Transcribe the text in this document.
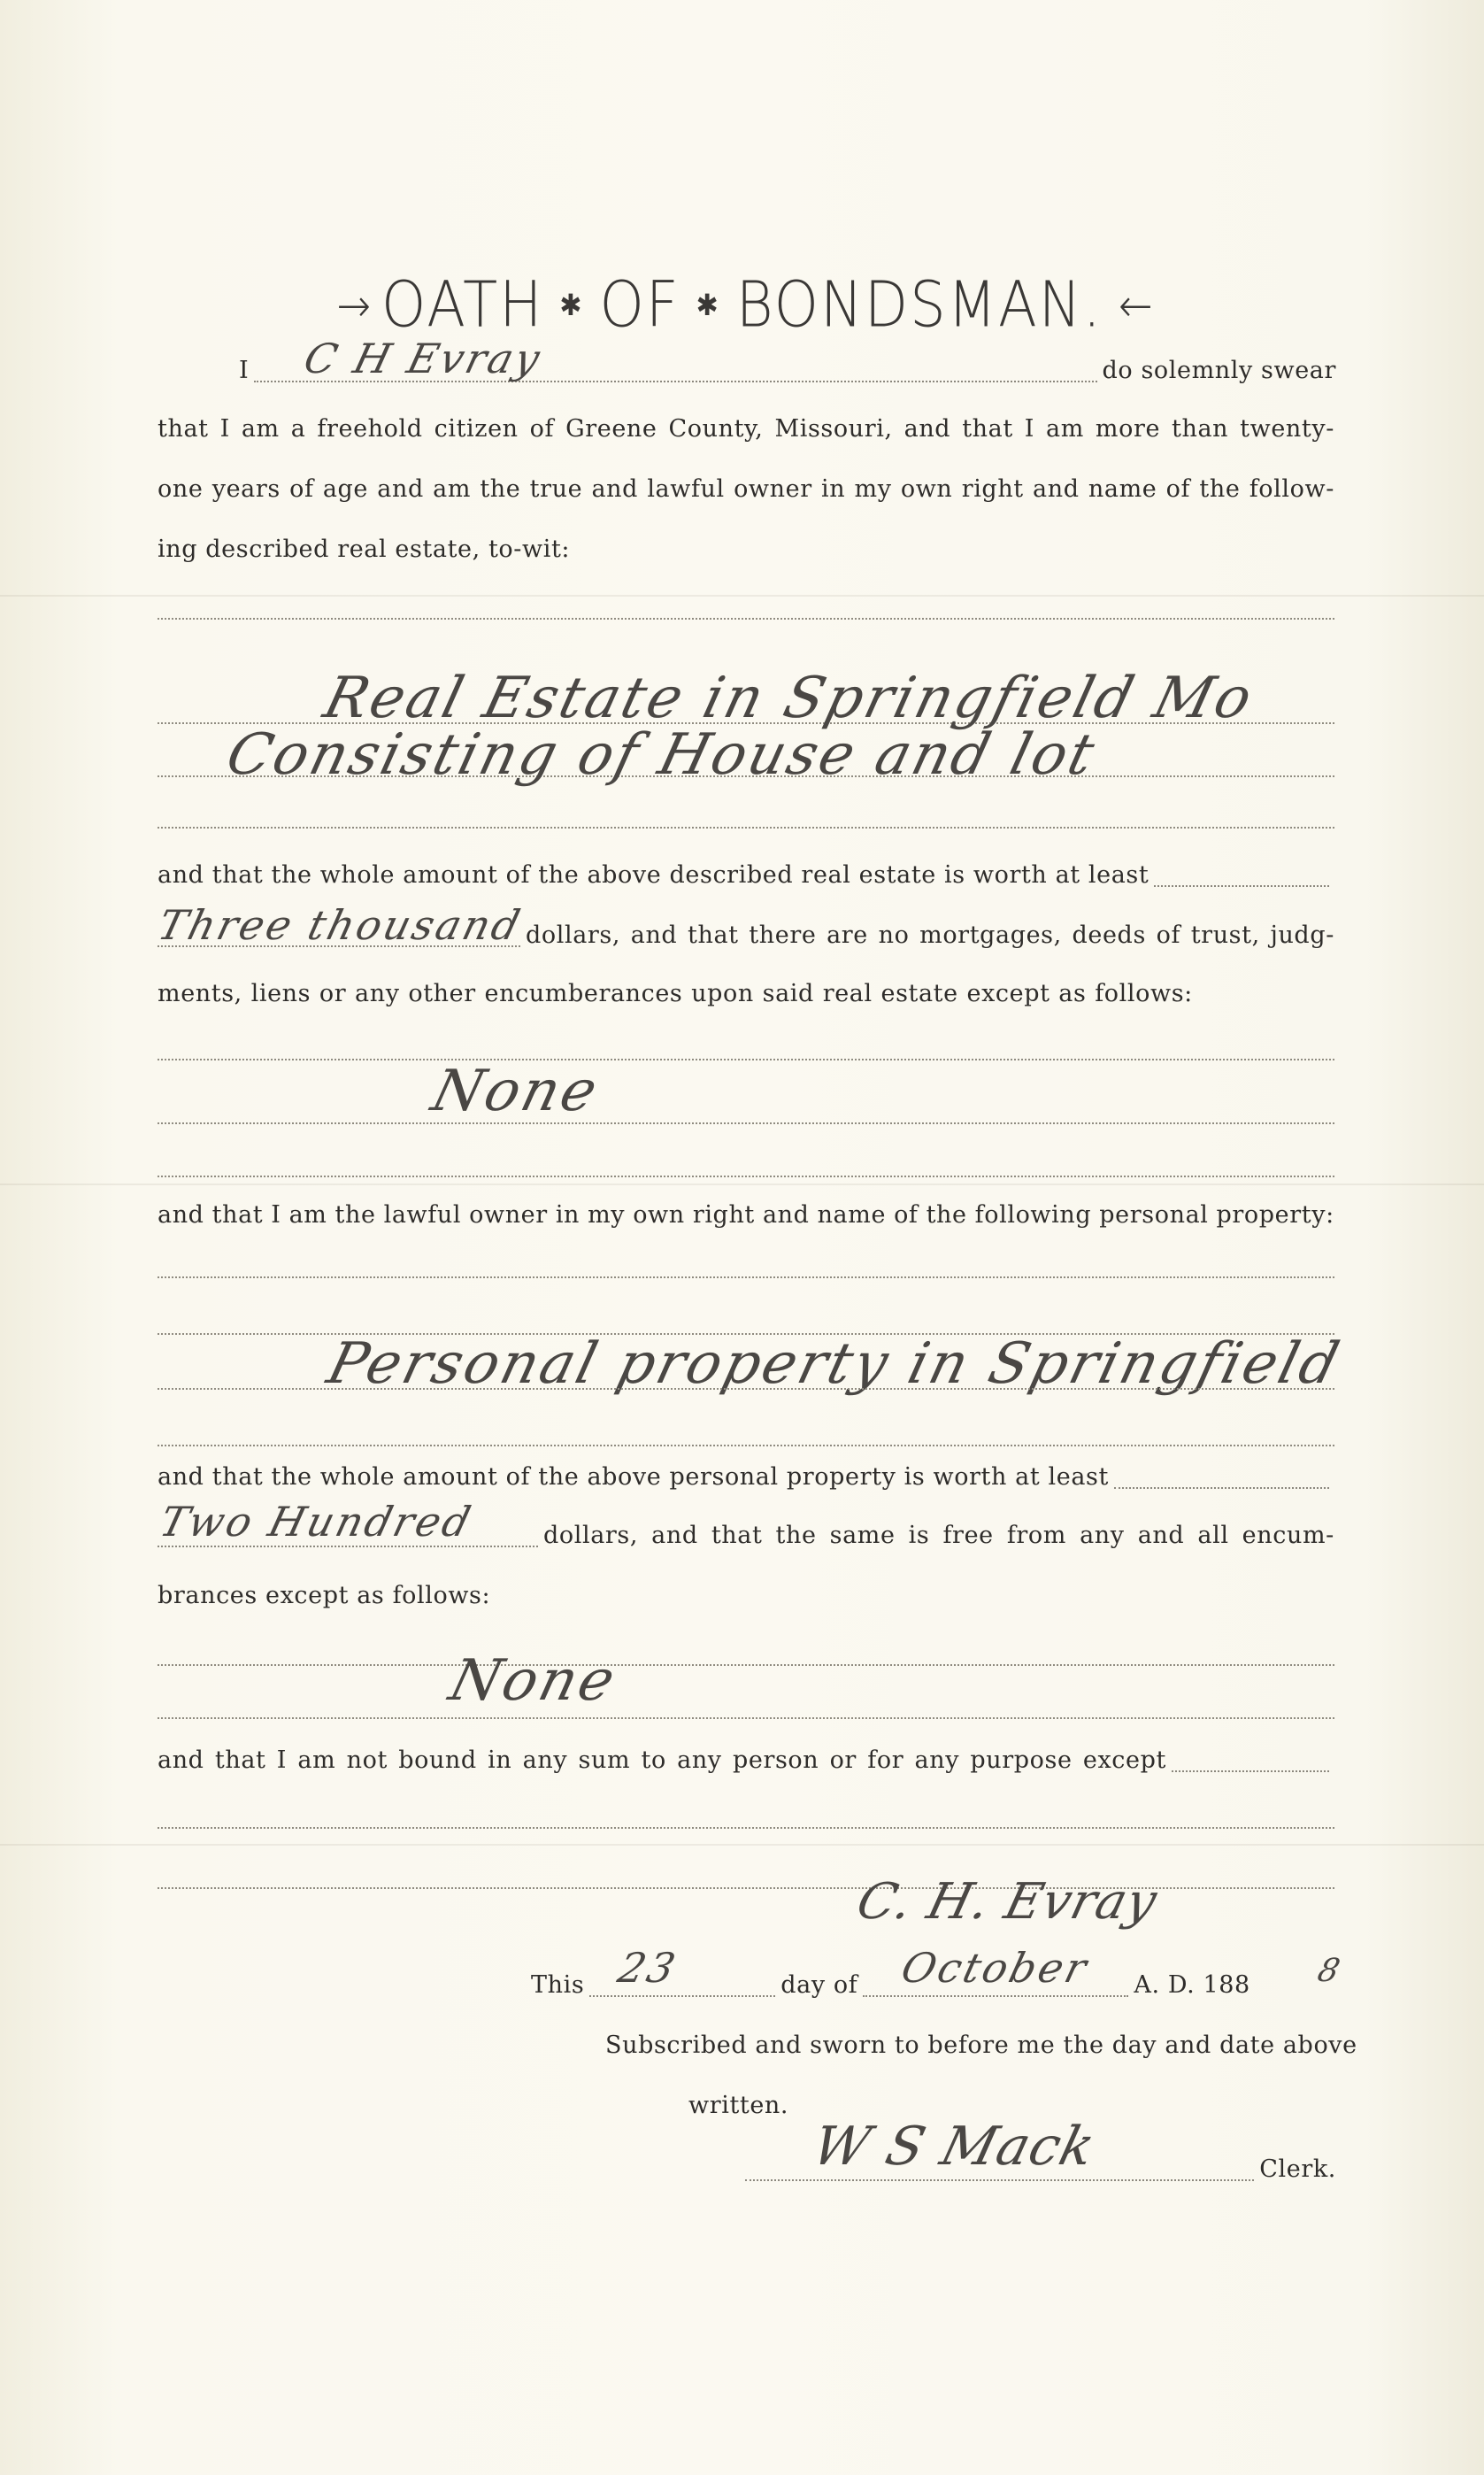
→ OATH ✱ OF ✱ BONDSMAN. ←
I	do solemnly swear
C H Evray
that I am a freehold citizen of Greene County, Missouri, and that I am more than twenty-
one years of age and am the true and lawful owner in my own right and name of the follow-
ing described real estate, to-wit:
Real Estate in Springfield Mo
Consisting of House and lot
and that the whole amount of the above described real estate is worth at least
dollars, and that there are no mortgages, deeds of trust, judg-
Three thousand
ments, liens or any other encumberances upon said real estate except as follows:
None
and that I am the lawful owner in my own right and name of the following personal property:
Personal property in Springfield
and that the whole amount of the above personal property is worth at least
dollars, and that the same is free from any and all encum-
Two Hundred
brances except as follows:
None
and that I am not bound in any sum to any person or for any purpose except
C. H. Evray
This	day of	A. D. 188
23	October	8
Subscribed and sworn to before me the day and date above
written.
Clerk.
W S Mack
